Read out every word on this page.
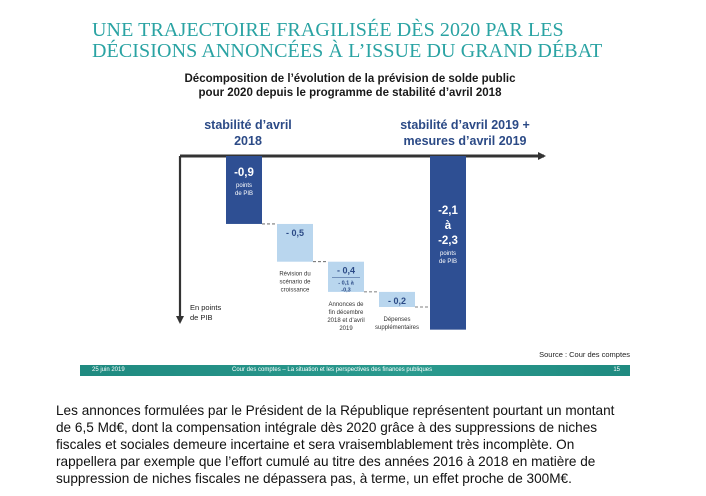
UNE TRAJECTOIRE FRAGILISÉE DÈS 2020 PAR LES
DÉCISIONS ANNONCÉES À L’ISSUE DU GRAND DÉBAT
Décomposition de l’évolution de la prévision de solde public
pour 2020 depuis le programme de stabilité d’avril 2018
En points
de PIB
stabilité d’avril
2018
-0,9
points
de PIB
- 0,5
Révision du
scénario de
croissance
- 0,4
- 0,1 à
-0,3
Annonces de
fin décembre
2018 et d’avril
2019
- 0,2
Dépenses
supplémentaires
stabilité d’avril 2019 +
mesures d’avril 2019
-2,1
à
-2,3
points
de PIB
Source : Cour des comptes
25 juin 2019	Cour des comptes – La situation et les perspectives des finances publiques	15
Les annonces formulées par le Président de la République représentent pourtant un montant
de 6,5 Md€, dont la compensation intégrale dès 2020 grâce à des suppressions de niches
fiscales et sociales demeure incertaine et sera vraisemblablement très incomplète. On
rappellera par exemple que l’effort cumulé au titre des années 2016 à 2018 en matière de
suppression de niches fiscales ne dépassera pas, à terme, un effet proche de 300M€.
